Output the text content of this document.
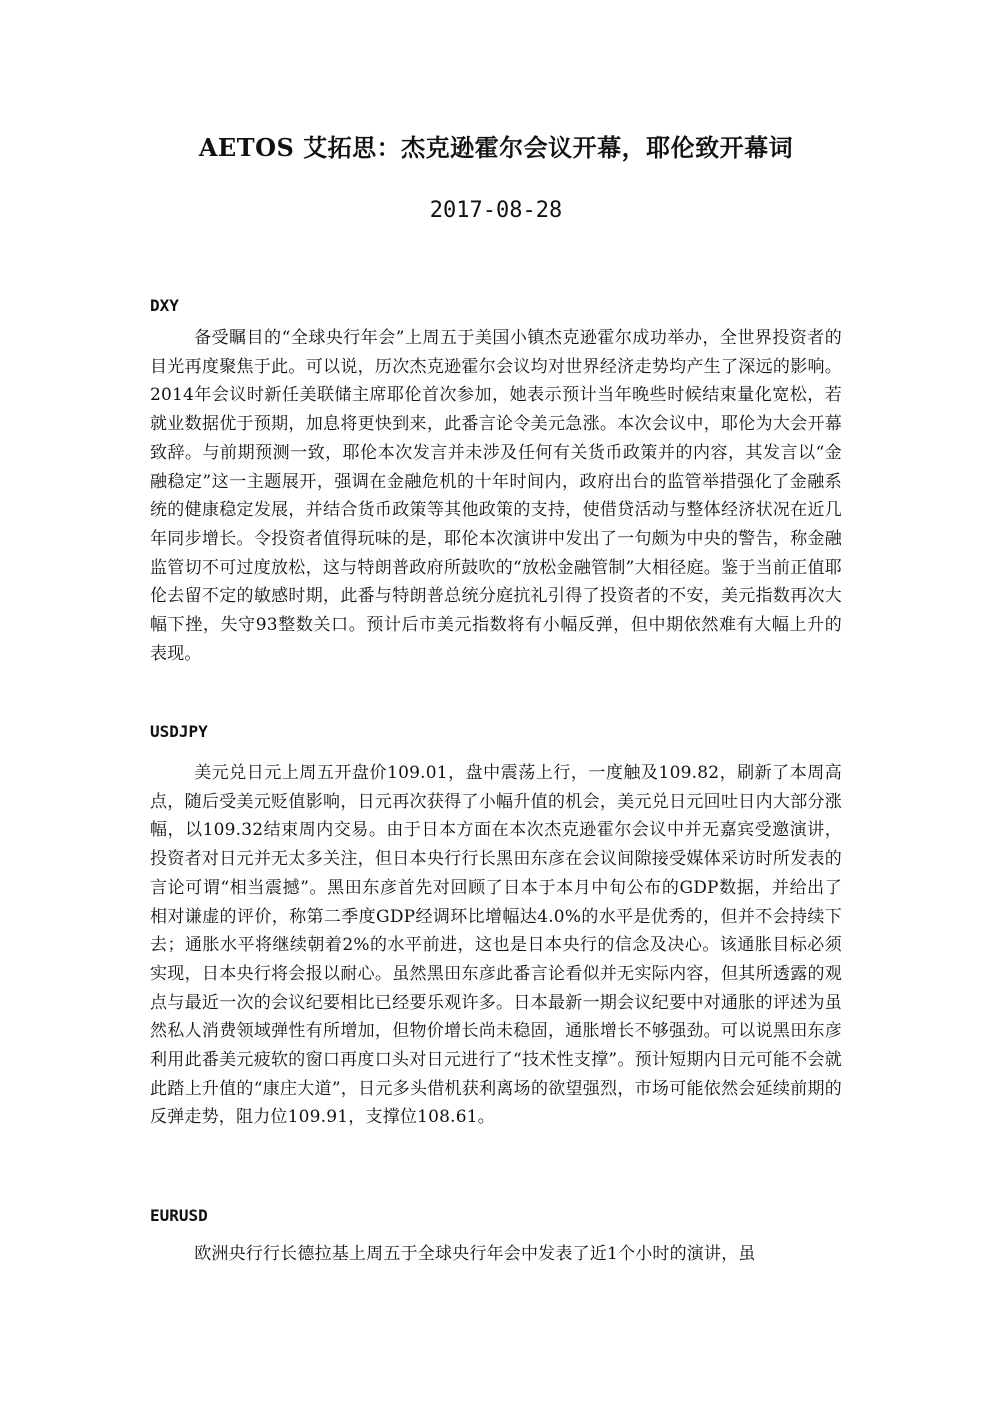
AETOS 艾拓思：杰克逊霍尔会议开幕，耶伦致开幕词
2017-08-28
DXY

备受瞩目的“全球央行年会”上周五于美国小镇杰克逊霍尔成功举办，全世界投资者的目光再度聚焦于此。可以说，历次杰克逊霍尔会议均对世界经济走势均产生了深远的影响。2014年会议时新任美联储主席耶伦首次参加，她表示预计当年晚些时候结束量化宽松，若就业数据优于预期，加息将更快到来，此番言论令美元急涨。本次会议中，耶伦为大会开幕致辞。与前期预测一致，耶伦本次发言并未涉及任何有关货币政策并的内容，其发言以“金融稳定”这一主题展开，强调在金融危机的十年时间内，政府出台的监管举措强化了金融系统的健康稳定发展，并结合货币政策等其他政策的支持，使借贷活动与整体经济状况在近几年同步增长。令投资者值得玩味的是，耶伦本次演讲中发出了一句颇为中央的警告，称金融监管切不可过度放松，这与特朗普政府所鼓吹的“放松金融管制”大相径庭。鉴于当前正值耶伦去留不定的敏感时期，此番与特朗普总统分庭抗礼引得了投资者的不安，美元指数再次大幅下挫，失守93整数关口。预计后市美元指数将有小幅反弹，但中期依然难有大幅上升的表现。

USDJPY

美元兑日元上周五开盘价109.01，盘中震荡上行，一度触及109.82，刷新了本周高点，随后受美元贬值影响，日元再次获得了小幅升值的机会，美元兑日元回吐日内大部分涨幅，以109.32结束周内交易。由于日本方面在本次杰克逊霍尔会议中并无嘉宾受邀演讲，投资者对日元并无太多关注，但日本央行行长黑田东彦在会议间隙接受媒体采访时所发表的言论可谓“相当震撼”。黑田东彦首先对回顾了日本于本月中旬公布的GDP数据，并给出了相对谦虚的评价，称第二季度GDP经调环比增幅达4.0%的水平是优秀的，但并不会持续下去；通胀水平将继续朝着2%的水平前进，这也是日本央行的信念及决心。该通胀目标必须实现，日本央行将会报以耐心。虽然黑田东彦此番言论看似并无实际内容，但其所透露的观点与最近一次的会议纪要相比已经要乐观许多。日本最新一期会议纪要中对通胀的评述为虽然私人消费领域弹性有所增加，但物价增长尚未稳固，通胀增长不够强劲。可以说黑田东彦利用此番美元疲软的窗口再度口头对日元进行了“技术性支撑”。预计短期内日元可能不会就此踏上升值的“康庄大道”，日元多头借机获利离场的欲望强烈，市场可能依然会延续前期的反弹走势，阻力位109.91，支撑位108.61。

EURUSD

欧洲央行行长德拉基上周五于全球央行年会中发表了近1个小时的演讲，虽
